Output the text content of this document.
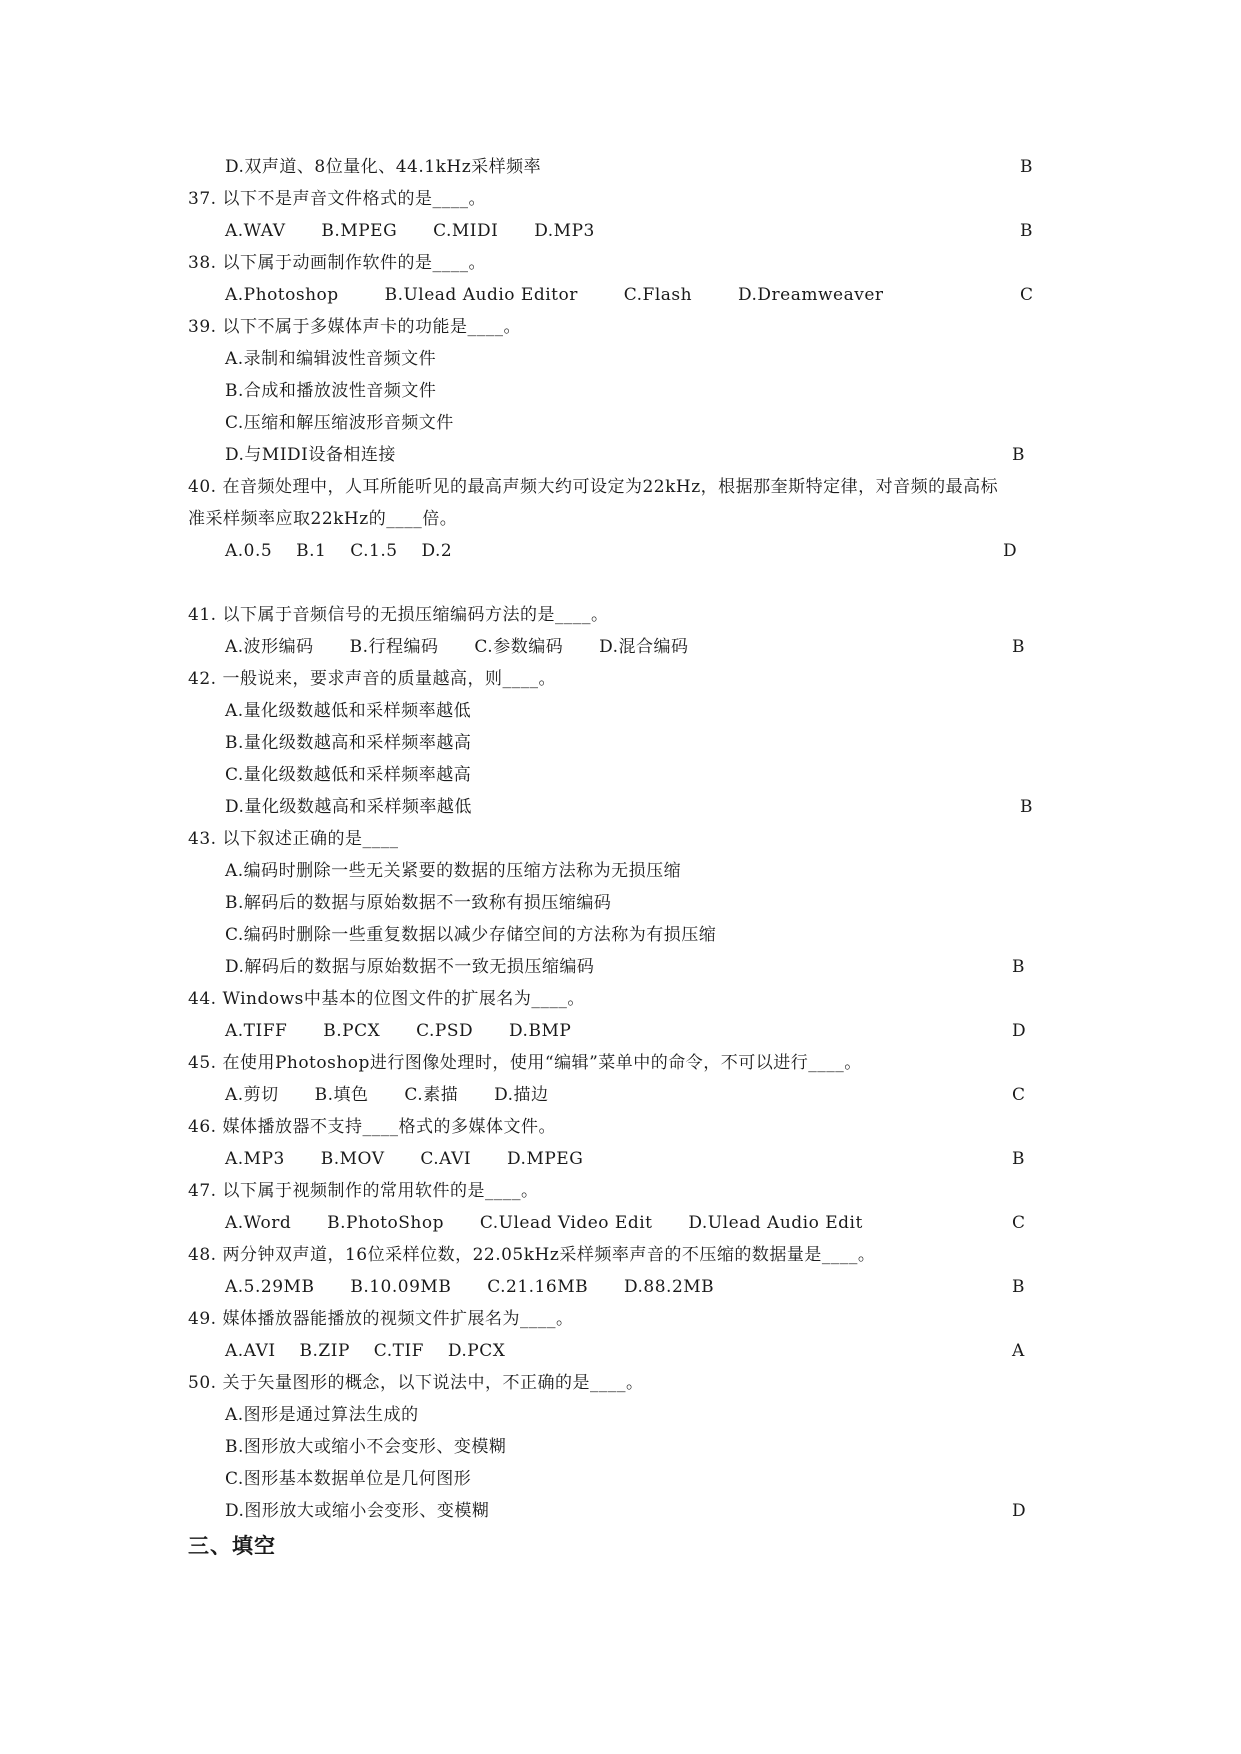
D.双声道、8位量化、44.1kHz采样频率	B
37. 以下不是声音文件格式的是____。
A.WAV B.MPEG C.MIDI D.MP3	B
38. 以下属于动画制作软件的是____。
A.Photoshop	B.Ulead Audio Editor	C.Flash	D.Dreamweaver	C
39. 以下不属于多媒体声卡的功能是____。
A.录制和编辑波性音频文件
B.合成和播放波性音频文件
C.压缩和解压缩波形音频文件
D.与MIDI设备相连接	B
40. 在音频处理中，人耳所能听见的最高声频大约可设定为22kHz，根据那奎斯特定律，对音频的最高标
准采样频率应取22kHz的____倍。
A.0.5 B.1 C.1.5 D.2	D
41. 以下属于音频信号的无损压缩编码方法的是____。
A.波形编码 B.行程编码 C.参数编码 D.混合编码	B
42. 一般说来，要求声音的质量越高，则____。
A.量化级数越低和采样频率越低
B.量化级数越高和采样频率越高
C.量化级数越低和采样频率越高
D.量化级数越高和采样频率越低	B
43. 以下叙述正确的是____
A.编码时删除一些无关紧要的数据的压缩方法称为无损压缩
B.解码后的数据与原始数据不一致称有损压缩编码
C.编码时删除一些重复数据以减少存储空间的方法称为有损压缩
D.解码后的数据与原始数据不一致无损压缩编码	B
44. Windows中基本的位图文件的扩展名为____。
A.TIFF B.PCX C.PSD D.BMP	D
45. 在使用Photoshop进行图像处理时，使用“编辑”菜单中的命令，不可以进行____。
A.剪切 B.填色 C.素描 D.描边	C
46. 媒体播放器不支持____格式的多媒体文件。
A.MP3 B.MOV C.AVI D.MPEG	B
47. 以下属于视频制作的常用软件的是____。
A.Word B.PhotoShop C.Ulead Video Edit D.Ulead Audio Edit	C
48. 两分钟双声道，16位采样位数，22.05kHz采样频率声音的不压缩的数据量是____。
A.5.29MB B.10.09MB C.21.16MB D.88.2MB	B
49. 媒体播放器能播放的视频文件扩展名为____。
A.AVI B.ZIP C.TIF D.PCX	A
50. 关于矢量图形的概念，以下说法中，不正确的是____。
A.图形是通过算法生成的
B.图形放大或缩小不会变形、变模糊
C.图形基本数据单位是几何图形
D.图形放大或缩小会变形、变模糊	D
三、填空
